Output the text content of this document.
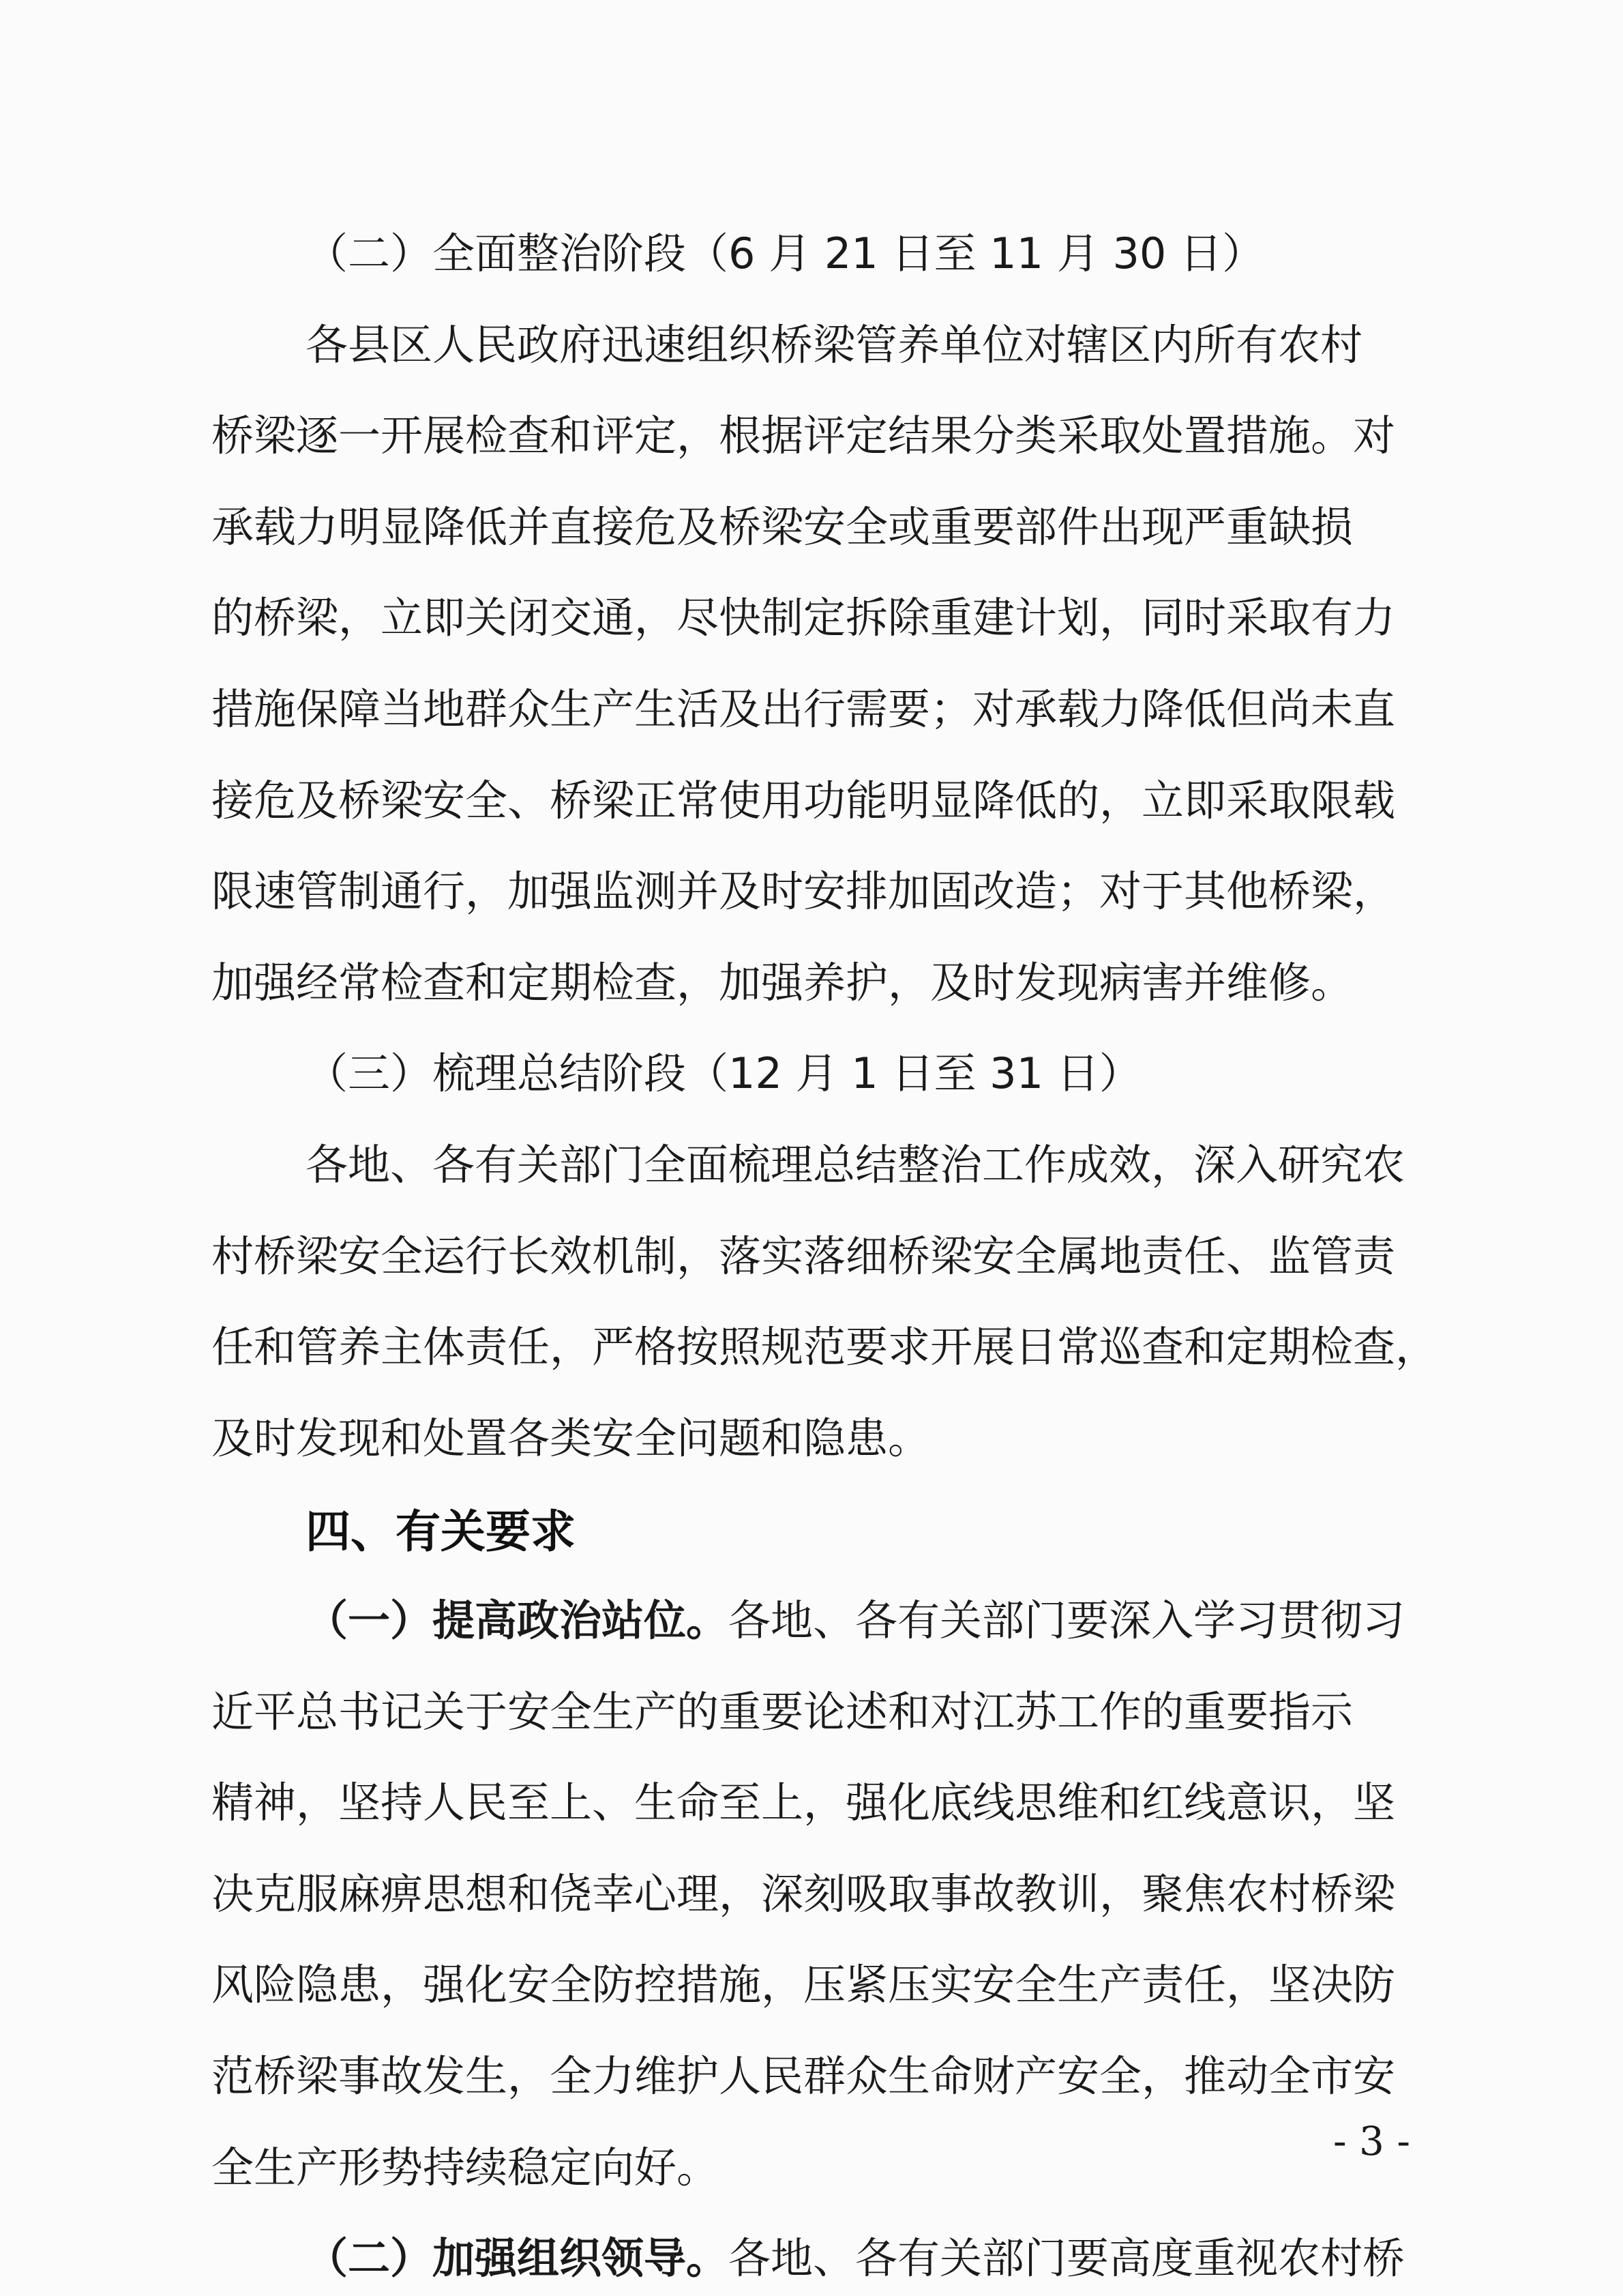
（二）全面整治阶段（6 月 21 日至 11 月 30 日）
各县区人民政府迅速组织桥梁管养单位对辖区内所有农村
桥梁逐一开展检查和评定，根据评定结果分类采取处置措施。对
承载力明显降低并直接危及桥梁安全或重要部件出现严重缺损
的桥梁，立即关闭交通，尽快制定拆除重建计划，同时采取有力
措施保障当地群众生产生活及出行需要；对承载力降低但尚未直
接危及桥梁安全、桥梁正常使用功能明显降低的，立即采取限载
限速管制通行，加强监测并及时安排加固改造；对于其他桥梁，
加强经常检查和定期检查，加强养护，及时发现病害并维修。
（三）梳理总结阶段（12 月 1 日至 31 日）
各地、各有关部门全面梳理总结整治工作成效，深入研究农
村桥梁安全运行长效机制，落实落细桥梁安全属地责任、监管责
任和管养主体责任，严格按照规范要求开展日常巡查和定期检查，
及时发现和处置各类安全问题和隐患。
四、有关要求
（一）提高政治站位。各地、各有关部门要深入学习贯彻习
近平总书记关于安全生产的重要论述和对江苏工作的重要指示
精神，坚持人民至上、生命至上，强化底线思维和红线意识，坚
决克服麻痹思想和侥幸心理，深刻吸取事故教训，聚焦农村桥梁
风险隐患，强化安全防控措施，压紧压实安全生产责任，坚决防
范桥梁事故发生，全力维护人民群众生命财产安全，推动全市安
全生产形势持续稳定向好。
（二）加强组织领导。各地、各有关部门要高度重视农村桥
- 3 -
